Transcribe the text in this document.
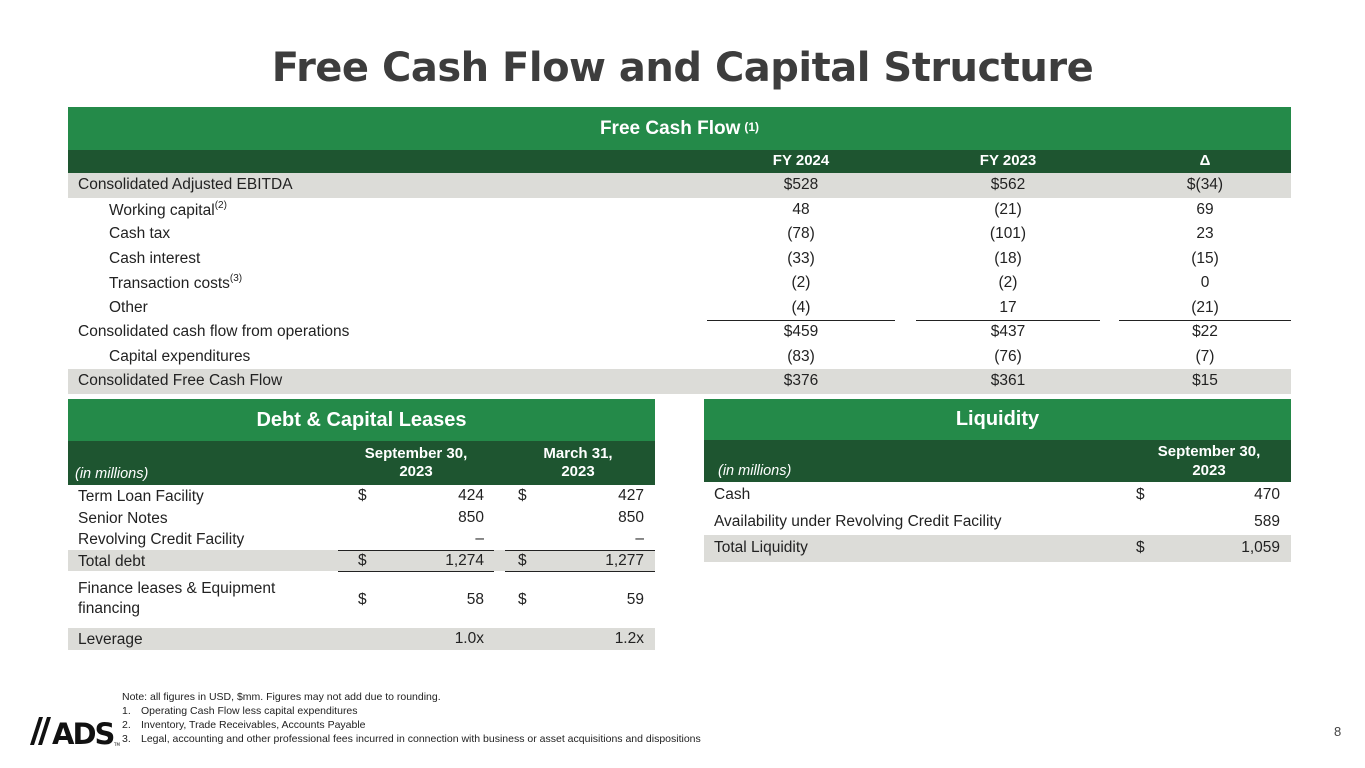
Free Cash Flow and Capital Structure
Free Cash Flow $^{(1)}$
FY 2024	FY 2023	Δ
Consolidated Adjusted EBITDA	$528	$562	$(34)
Working capital$^{(2)}$	48	(21)	69
Cash tax	(78)	(101)	23
Cash interest	(33)	(18)	(15)
Transaction costs$^{(3)}$	(2)	(2)	0
Other	(4)	17	(21)
Consolidated cash flow from operations	$459	$437	$22
Capital expenditures	(83)	(76)	(7)
Consolidated Free Cash Flow	$376	$361	$15
Debt & Capital Leases
(in millions)
September 30,
2023
March 31,
2023
Term Loan Facility	$	424 $	427
Senior Notes	850	850
Revolving Credit Facility	–	–
Total debt	$	1,274 $	1,277
Finance leases & Equipment financing
$	58 $	59
Leverage	1.0x	1.2x
Liquidity
(in millions)
September 30,
2023
Cash	$	470
Availability under Revolving Credit Facility	589
Total Liquidity	$	1,059
Note: all figures in USD, $mm. Figures may not add due to rounding.
1. Operating Cash Flow less capital expenditures
2. Inventory, Trade Receivables, Accounts Payable
3. Legal, accounting and other professional fees incurred in connection with business or asset acquisitions and dispositions
ADS TM
8
